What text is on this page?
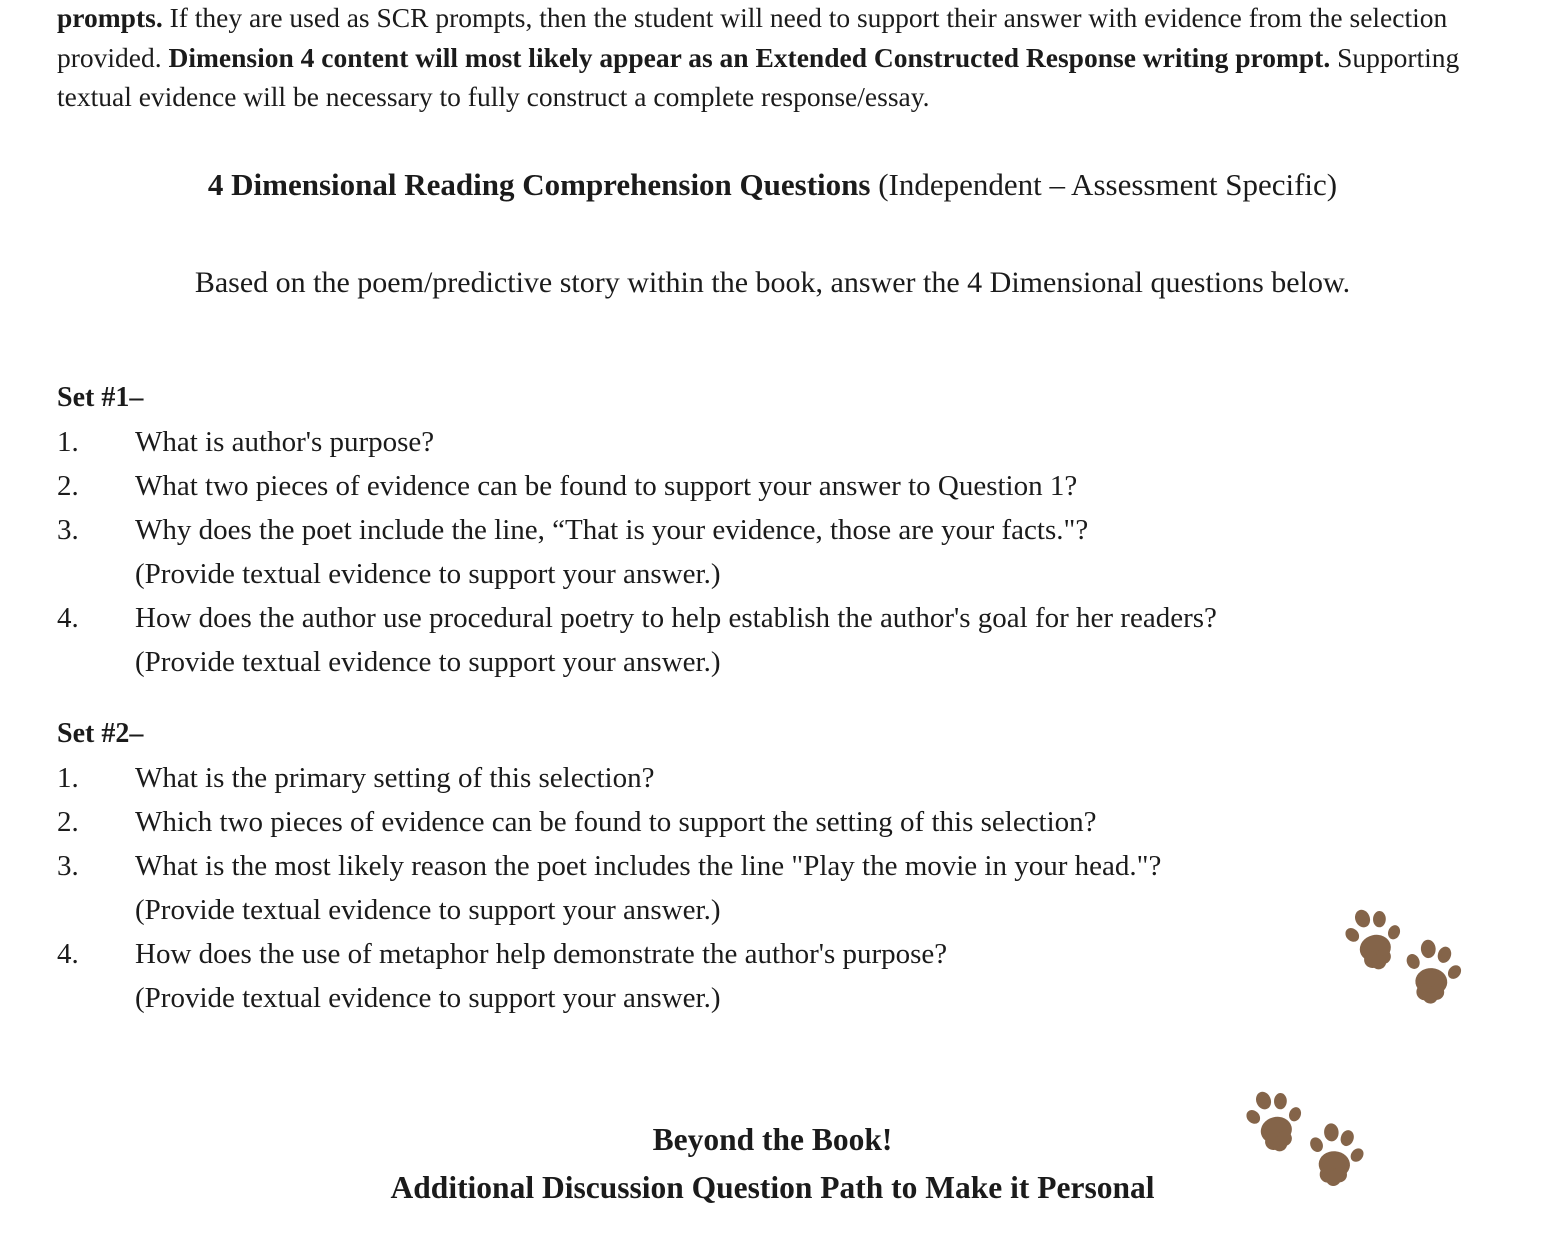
prompts. If they are used as SCR prompts, then the student will need to support their answer with evidence from the selection provided. Dimension 4 content will most likely appear as an Extended Constructed Response writing prompt. Supporting textual evidence will be necessary to fully construct a complete response/essay.

4 Dimensional Reading Comprehension Questions (Independent – Assessment Specific)

Based on the poem/predictive story within the book, answer the 4 Dimensional questions below.

Set #1–
1.	What is author's purpose?
2.	What two pieces of evidence can be found to support your answer to Question 1?
3.	Why does the poet include the line, “That is your evidence, those are your facts."?
(Provide textual evidence to support your answer.)
4.	How does the author use procedural poetry to help establish the author's goal for her readers?
(Provide textual evidence to support your answer.)
Set #2–
1.	What is the primary setting of this selection?
2.	Which two pieces of evidence can be found to support the setting of this selection?
3.	What is the most likely reason the poet includes the line "Play the movie in your head."?
(Provide textual evidence to support your answer.)
4.	How does the use of metaphor help demonstrate the author's purpose?
(Provide textual evidence to support your answer.)
Beyond the Book!
Additional Discussion Question Path to Make it Personal
